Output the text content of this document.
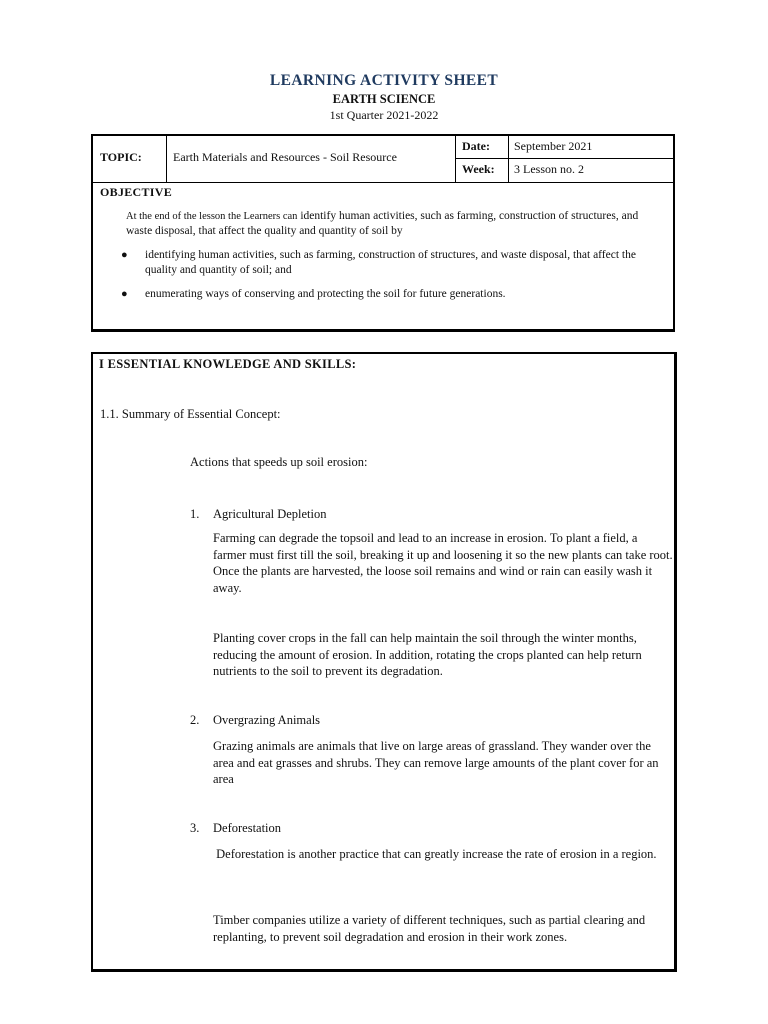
LEARNING ACTIVITY SHEET
EARTH SCIENCE
1st Quarter 2021-2022
TOPIC:	Earth Materials and Resources - Soil Resource
Date: September 2021
Week: 3 Lesson no. 2
OBJECTIVE
At the end of the lesson the Learners can identify human activities, such as farming, construction of structures, and waste disposal, that affect the quality and quantity of soil by
● identifying human activities, such as farming, construction of structures, and waste disposal, that affect the quality and quantity of soil; and
● enumerating ways of conserving and protecting the soil for future generations.
I ESSENTIAL KNOWLEDGE AND SKILLS:
1.1. Summary of Essential Concept:
Actions that speeds up soil erosion:
1. Agricultural Depletion
Farming can degrade the topsoil and lead to an increase in erosion. To plant a field, a farmer must first till the soil, breaking it up and loosening it so the new plants can take root. Once the plants are harvested, the loose soil remains and wind or rain can easily wash it away.
Planting cover crops in the fall can help maintain the soil through the winter months, reducing the amount of erosion. In addition, rotating the crops planted can help return nutrients to the soil to prevent its degradation.
2. Overgrazing Animals
Grazing animals are animals that live on large areas of grassland. They wander over the area and eat grasses and shrubs. They can remove large amounts of the plant cover for an area
3. Deforestation
Deforestation is another practice that can greatly increase the rate of erosion in a region.
Timber companies utilize a variety of different techniques, such as partial clearing and replanting, to prevent soil degradation and erosion in their work zones.
